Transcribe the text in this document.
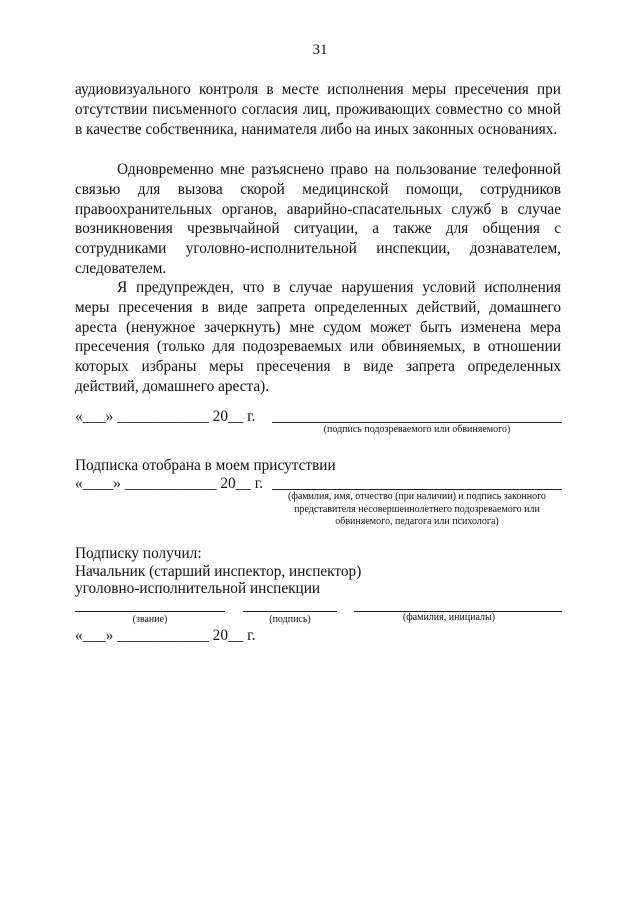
31

аудиовизуального контроля в месте исполнения меры пресечения при отсутствии письменного согласия лиц, проживающих совместно со мной в качестве собственника, нанимателя либо на иных законных основаниях.

Одновременно мне разъяснено право на пользование телефонной связью для вызова скорой медицинской помощи, сотрудников правоохранительных органов, аварийно-спасательных служб в случае возникновения чрезвычайной ситуации, а также для общения с сотрудниками уголовно-исполнительной инспекции, дознавателем, следователем.

Я предупрежден, что в случае нарушения условий исполнения меры пресечения в виде запрета определенных действий, домашнего ареста (ненужное зачеркнуть) мне судом может быть изменена мера пресечения (только для подозреваемых или обвиняемых, в отношении которых избраны меры пресечения в виде запрета определенных действий, домашнего ареста).

«___» ____________ 20__ г.
(подпись подозреваемого или обвиняемого)
Подписка отобрана в моем присутствии
«____» ____________ 20__ г.
(фамилия, имя, отчество (при наличии) и подпись законного представителя несовершеннолетнего подозреваемого или обвиняемого, педагога или психолога)
Подписку получил:
Начальник (старший инспектор, инспектор)
уголовно-исполнительной инспекции
(звание)	(подпись)	(фамилия, инициалы)
«___» ____________ 20__ г.
